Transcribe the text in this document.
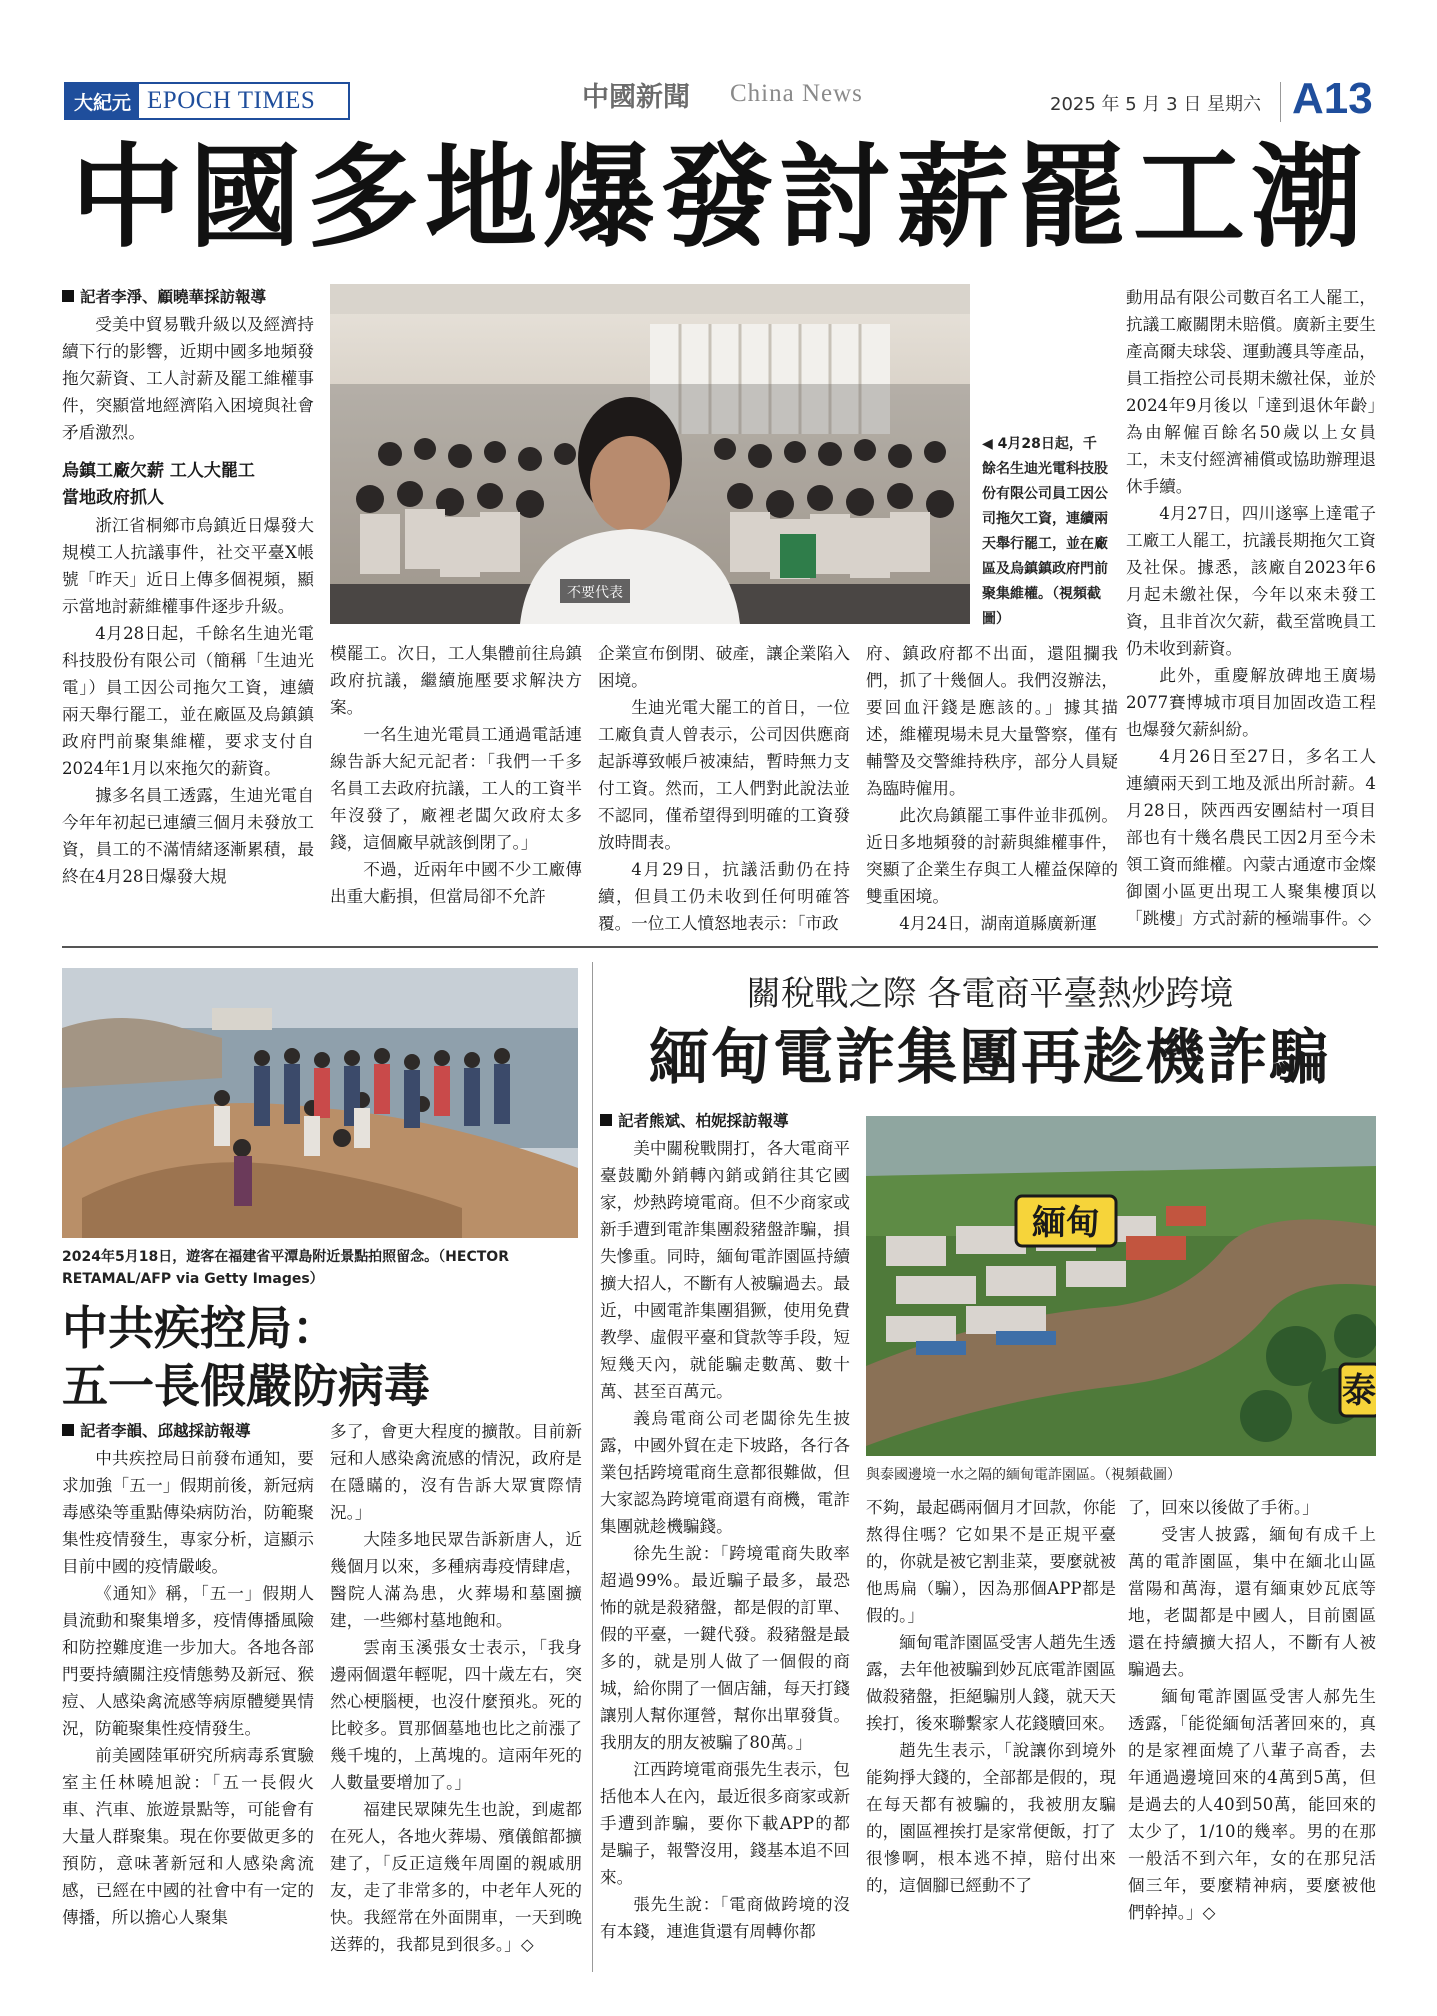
大紀元 EPOCH TIMES	中國新聞 China News	2025 年 5 月 3 日 星期六 A13
中國多地爆發討薪罷工潮
記者李淨、顧曉華採訪報導

受美中貿易戰升級以及經濟持續下行的影響，近期中國多地頻發拖欠薪資、工人討薪及罷工維權事件，突顯當地經濟陷入困境與社會矛盾激烈。

烏鎮工廠欠薪 工人大罷工
當地政府抓人

浙江省桐鄉市烏鎮近日爆發大規模工人抗議事件，社交平臺X帳號「昨天」近日上傳多個視頻，顯示當地討薪維權事件逐步升級。

4月28日起，千餘名生迪光電科技股份有限公司（簡稱「生迪光電」）員工因公司拖欠工資，連續兩天舉行罷工，並在廠區及烏鎮鎮政府門前聚集維權，要求支付自2024年1月以來拖欠的薪資。

據多名員工透露，生迪光電自今年年初起已連續三個月未發放工資，員工的不滿情緒逐漸累積，最終在4月28日爆發大規

不要代表
◀ 4月28日起，千餘名生迪光電科技股份有限公司員工因公司拖欠工資，連續兩天舉行罷工，並在廠區及烏鎮鎮政府門前聚集維權。（視頻截圖）

模罷工。次日，工人集體前往烏鎮政府抗議，繼續施壓要求解決方案。

一名生迪光電員工通過電話連線告訴大紀元記者：「我們一千多名員工去政府抗議，工人的工資半年沒發了，廠裡老闆欠政府太多錢，這個廠早就該倒閉了。」

不過，近兩年中國不少工廠傳出重大虧損，但當局卻不允許

企業宣布倒閉、破產，讓企業陷入困境。

生迪光電大罷工的首日，一位工廠負責人曾表示，公司因供應商起訴導致帳戶被凍結，暫時無力支付工資。然而，工人們對此說法並不認同，僅希望得到明確的工資發放時間表。

4月29日，抗議活動仍在持續，但員工仍未收到任何明確答覆。一位工人憤怒地表示：「市政

府、鎮政府都不出面，還阻攔我們，抓了十幾個人。我們沒辦法，要回血汗錢是應該的。」據其描述，維權現場未見大量警察，僅有輔警及交警維持秩序，部分人員疑為臨時僱用。

此次烏鎮罷工事件並非孤例。近日多地頻發的討薪與維權事件，突顯了企業生存與工人權益保障的雙重困境。

4月24日，湖南道縣廣新運

動用品有限公司數百名工人罷工，抗議工廠關閉未賠償。廣新主要生產高爾夫球袋、運動護具等產品，員工指控公司長期未繳社保，並於2024年9月後以「達到退休年齡」為由解僱百餘名50歲以上女員工，未支付經濟補償或協助辦理退休手續。

4月27日，四川遂寧上達電子工廠工人罷工，抗議長期拖欠工資及社保。據悉，該廠自2023年6月起未繳社保，今年以來未發工資，且非首次欠薪，截至當晚員工仍未收到薪資。

此外，重慶解放碑地王廣場2077賽博城市項目加固改造工程也爆發欠薪糾紛。

4月26日至27日，多名工人連續兩天到工地及派出所討薪。4月28日，陝西西安團結村一項目部也有十幾名農民工因2月至今未領工資而維權。內蒙古通遼市金燦御園小區更出現工人聚集樓頂以「跳樓」方式討薪的極端事件。◇

2024年5月18日，遊客在福建省平潭島附近景點拍照留念。（HECTOR RETAMAL/AFP via Getty Images）
中共疾控局：
五一長假嚴防病毒
記者李韻、邱越採訪報導

中共疾控局日前發布通知，要求加強「五一」假期前後，新冠病毒感染等重點傳染病防治，防範聚集性疫情發生，專家分析，這顯示目前中國的疫情嚴峻。

《通知》稱，「五一」假期人員流動和聚集增多，疫情傳播風險和防控難度進一步加大。各地各部門要持續關注疫情態勢及新冠、猴痘、人感染禽流感等病原體變異情況，防範聚集性疫情發生。

前美國陸軍研究所病毒系實驗室主任林曉旭說：「五一長假火車、汽車、旅遊景點等，可能會有大量人群聚集。現在你要做更多的預防，意味著新冠和人感染禽流感，已經在中國的社會中有一定的傳播，所以擔心人聚集

多了，會更大程度的擴散。目前新冠和人感染禽流感的情況，政府是在隱瞞的，沒有告訴大眾實際情況。」

大陸多地民眾告訴新唐人，近幾個月以來，多種病毒疫情肆虐，醫院人滿為患，火葬場和墓園擴建，一些鄉村墓地飽和。

雲南玉溪張女士表示，「我身邊兩個還年輕呢，四十歲左右，突然心梗腦梗，也沒什麼預兆。死的比較多。買那個墓地也比之前漲了幾千塊的，上萬塊的。這兩年死的人數量要增加了。」

福建民眾陳先生也說，到處都在死人，各地火葬場、殯儀館都擴建了，「反正這幾年周圍的親戚朋友，走了非常多的，中老年人死的快。我經常在外面開車，一天到晚送葬的，我都見到很多。」◇

關稅戰之際 各電商平臺熱炒跨境
緬甸電詐集團再趁機詐騙
記者熊斌、柏妮採訪報導

美中關稅戰開打，各大電商平臺鼓勵外銷轉內銷或銷往其它國家，炒熱跨境電商。但不少商家或新手遭到電詐集團殺豬盤詐騙，損失慘重。同時，緬甸電詐園區持續擴大招人，不斷有人被騙過去。最近，中國電詐集團猖獗，使用免費教學、虛假平臺和貸款等手段，短短幾天內，就能騙走數萬、數十萬、甚至百萬元。

義烏電商公司老闆徐先生披露，中國外貿在走下坡路，各行各業包括跨境電商生意都很難做，但大家認為跨境電商還有商機，電詐集團就趁機騙錢。

徐先生說：「跨境電商失敗率超過99%。最近騙子最多，最恐怖的就是殺豬盤，都是假的訂單、假的平臺，一鍵代發。殺豬盤是最多的，就是別人做了一個假的商城，給你開了一個店舖，每天打錢讓別人幫你運營，幫你出單發貨。我朋友的朋友被騙了80萬。」

江西跨境電商張先生表示，包括他本人在內，最近很多商家或新手遭到詐騙，要你下載APP的都是騙子，報警沒用，錢基本追不回來。

張先生說：「電商做跨境的沒有本錢，連進貨還有周轉你都

緬甸
泰
與泰國邊境一水之隔的緬甸電詐園區。（視頻截圖）

不夠，最起碼兩個月才回款，你能熬得住嗎？它如果不是正規平臺的，你就是被它割韭菜，要麼就被他馬扁（騙），因為那個APP都是假的。」

緬甸電詐園區受害人趙先生透露，去年他被騙到妙瓦底電詐園區做殺豬盤，拒絕騙別人錢，就天天挨打，後來聯繫家人花錢贖回來。

趙先生表示，「說讓你到境外能夠掙大錢的，全部都是假的，現在每天都有被騙的，我被朋友騙的，園區裡挨打是家常便飯，打了很慘啊，根本逃不掉，賠付出來的，這個腳已經動不了

了，回來以後做了手術。」

受害人披露，緬甸有成千上萬的電詐園區，集中在緬北山區當陽和萬海，還有緬東妙瓦底等地，老闆都是中國人，目前園區還在持續擴大招人，不斷有人被騙過去。

緬甸電詐園區受害人郝先生透露，「能從緬甸活著回來的，真的是家裡面燒了八輩子高香，去年通過邊境回來的4萬到5萬，但是過去的人40到50萬，能回來的太少了，1/10的幾率。男的在那一般活不到六年，女的在那兒活個三年，要麼精神病，要麼被他們幹掉。」◇
